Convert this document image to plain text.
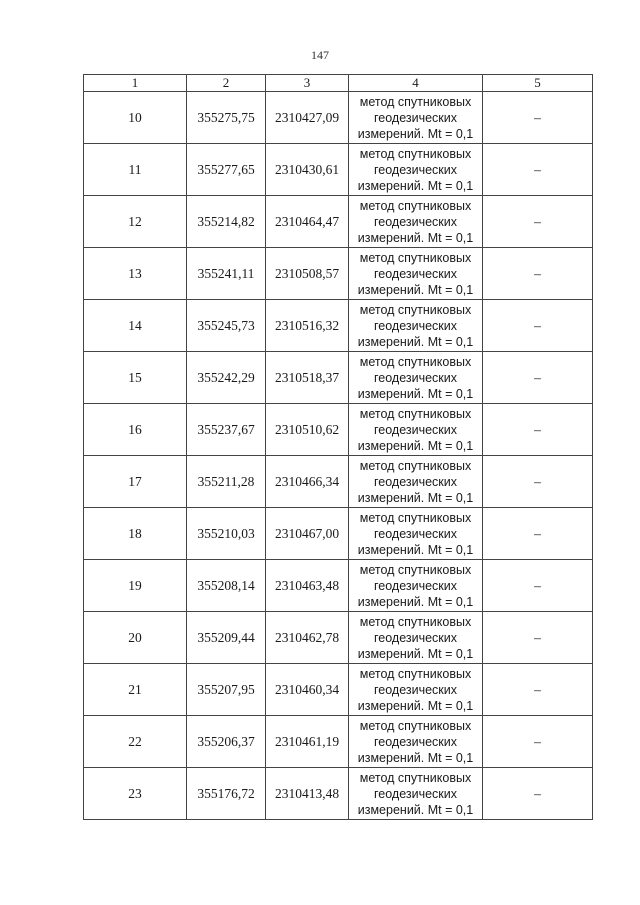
147
1	2	3	4	5
10	355275,75	2310427,09	метод спутниковых
геодезических
измерений. Mt = 0,1	–
11	355277,65	2310430,61	метод спутниковых
геодезических
измерений. Mt = 0,1	–
12	355214,82	2310464,47	метод спутниковых
геодезических
измерений. Mt = 0,1	–
13	355241,11	2310508,57	метод спутниковых
геодезических
измерений. Mt = 0,1	–
14	355245,73	2310516,32	метод спутниковых
геодезических
измерений. Mt = 0,1	–
15	355242,29	2310518,37	метод спутниковых
геодезических
измерений. Mt = 0,1	–
16	355237,67	2310510,62	метод спутниковых
геодезических
измерений. Mt = 0,1	–
17	355211,28	2310466,34	метод спутниковых
геодезических
измерений. Mt = 0,1	–
18	355210,03	2310467,00	метод спутниковых
геодезических
измерений. Mt = 0,1	–
19	355208,14	2310463,48	метод спутниковых
геодезических
измерений. Mt = 0,1	–
20	355209,44	2310462,78	метод спутниковых
геодезических
измерений. Mt = 0,1	–
21	355207,95	2310460,34	метод спутниковых
геодезических
измерений. Mt = 0,1	–
22	355206,37	2310461,19	метод спутниковых
геодезических
измерений. Mt = 0,1	–
23	355176,72	2310413,48	метод спутниковых
геодезических
измерений. Mt = 0,1	–
